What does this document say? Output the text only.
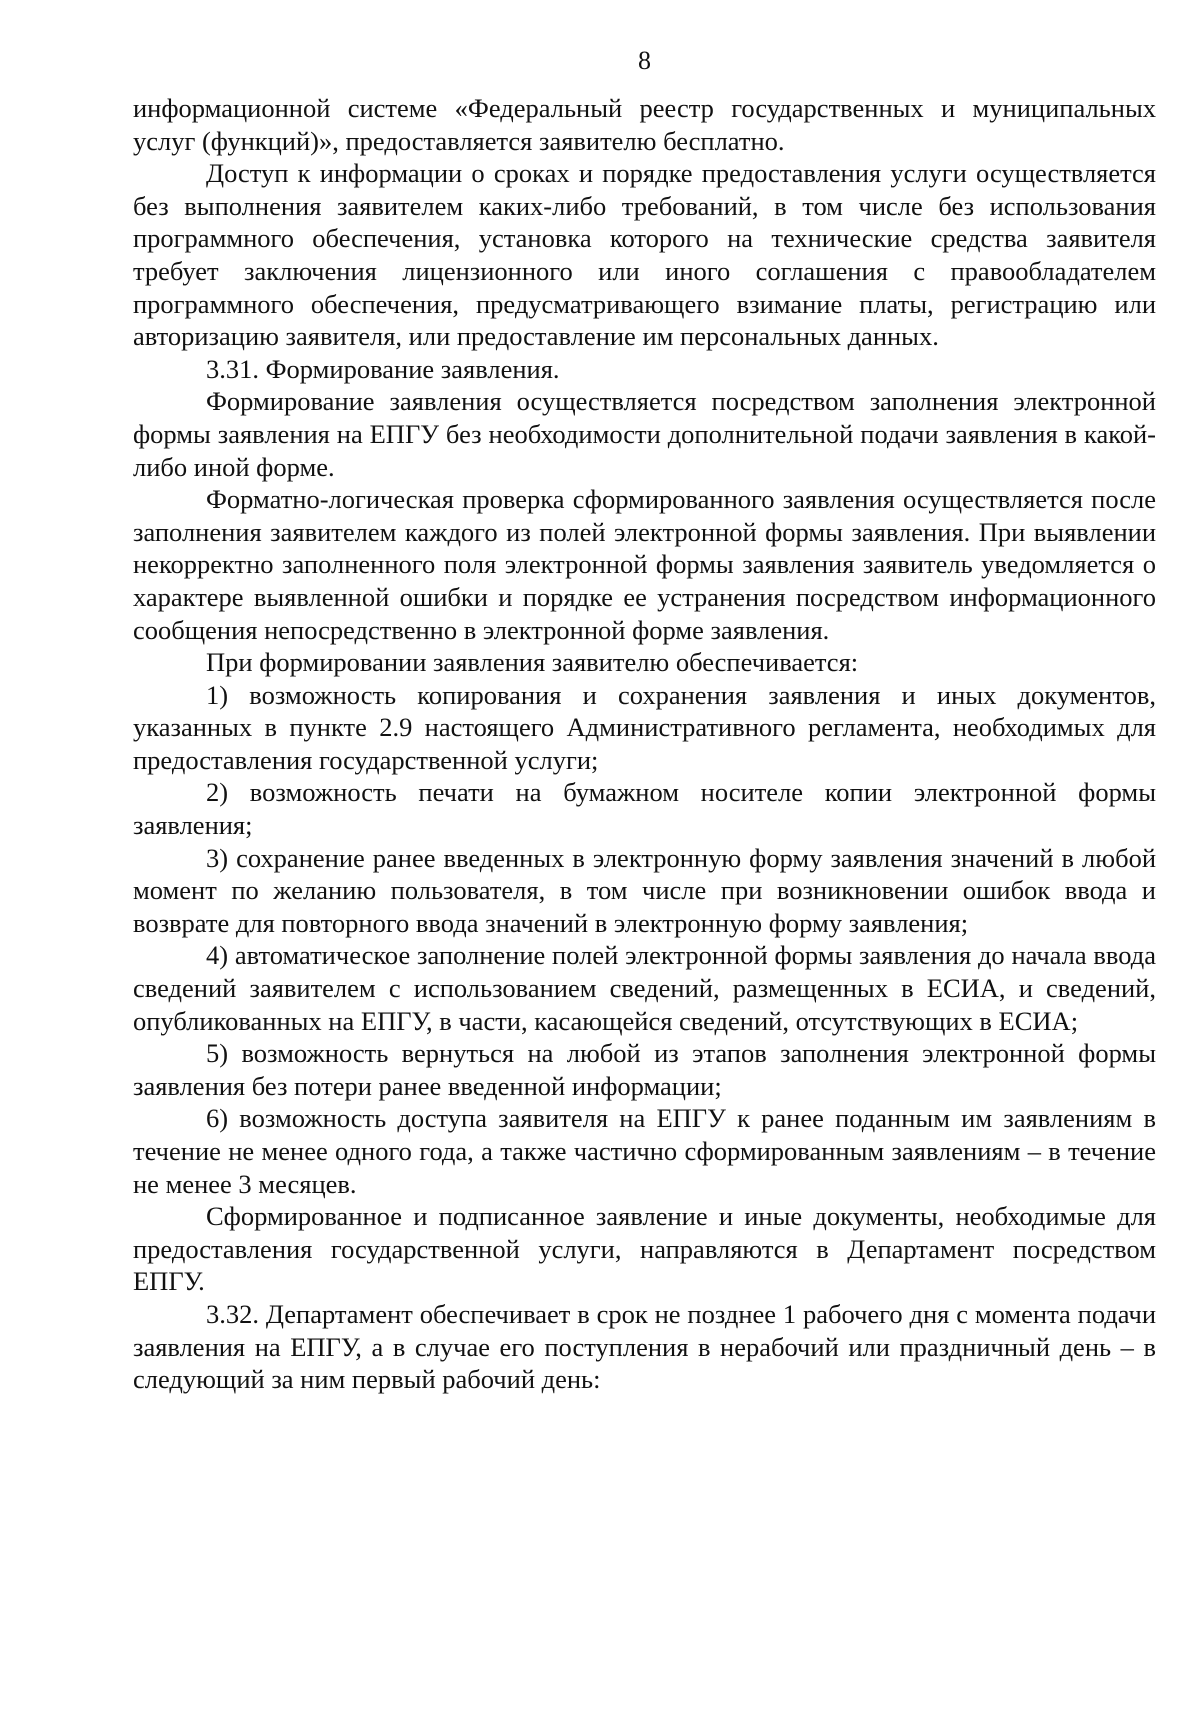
8

информационной системе «Федеральный реестр государственных и муниципальных услуг (функций)», предоставляется заявителю бесплатно.

Доступ к информации о сроках и порядке предоставления услуги осуществляется без выполнения заявителем каких-либо требований, в том числе без использования программного обеспечения, установка которого на технические средства заявителя требует заключения лицензионного или иного соглашения с правообладателем программного обеспечения, предусматривающего взимание платы, регистрацию или авторизацию заявителя, или предоставление им персональных данных.

3.31. Формирование заявления.

Формирование заявления осуществляется посредством заполнения электронной формы заявления на ЕПГУ без необходимости дополнительной подачи заявления в какой-либо иной форме.

Форматно-логическая проверка сформированного заявления осуществляется после заполнения заявителем каждого из полей электронной формы заявления. При выявлении некорректно заполненного поля электронной формы заявления заявитель уведомляется о характере выявленной ошибки и порядке ее устранения посредством информационного сообщения непосредственно в электронной форме заявления.

При формировании заявления заявителю обеспечивается:

1) возможность копирования и сохранения заявления и иных документов, указанных в пункте 2.9 настоящего Административного регламента, необходимых для предоставления государственной услуги;

2) возможность печати на бумажном носителе копии электронной формы заявления;

3) сохранение ранее введенных в электронную форму заявления значений в любой момент по желанию пользователя, в том числе при возникновении ошибок ввода и возврате для повторного ввода значений в электронную форму заявления;

4) автоматическое заполнение полей электронной формы заявления до начала ввода сведений заявителем с использованием сведений, размещенных в ЕСИА, и сведений, опубликованных на ЕПГУ, в части, касающейся сведений, отсутствующих в ЕСИА;

5) возможность вернуться на любой из этапов заполнения электронной формы заявления без потери ранее введенной информации;

6) возможность доступа заявителя на ЕПГУ к ранее поданным им заявлениям в течение не менее одного года, а также частично сформированным заявлениям – в течение не менее 3 месяцев.

Сформированное и подписанное заявление и иные документы, необходимые для предоставления государственной услуги, направляются в Департамент посредством ЕПГУ.

3.32. Департамент обеспечивает в срок не позднее 1 рабочего дня с момента подачи заявления на ЕПГУ, а в случае его поступления в нерабочий или праздничный день – в следующий за ним первый рабочий день:
